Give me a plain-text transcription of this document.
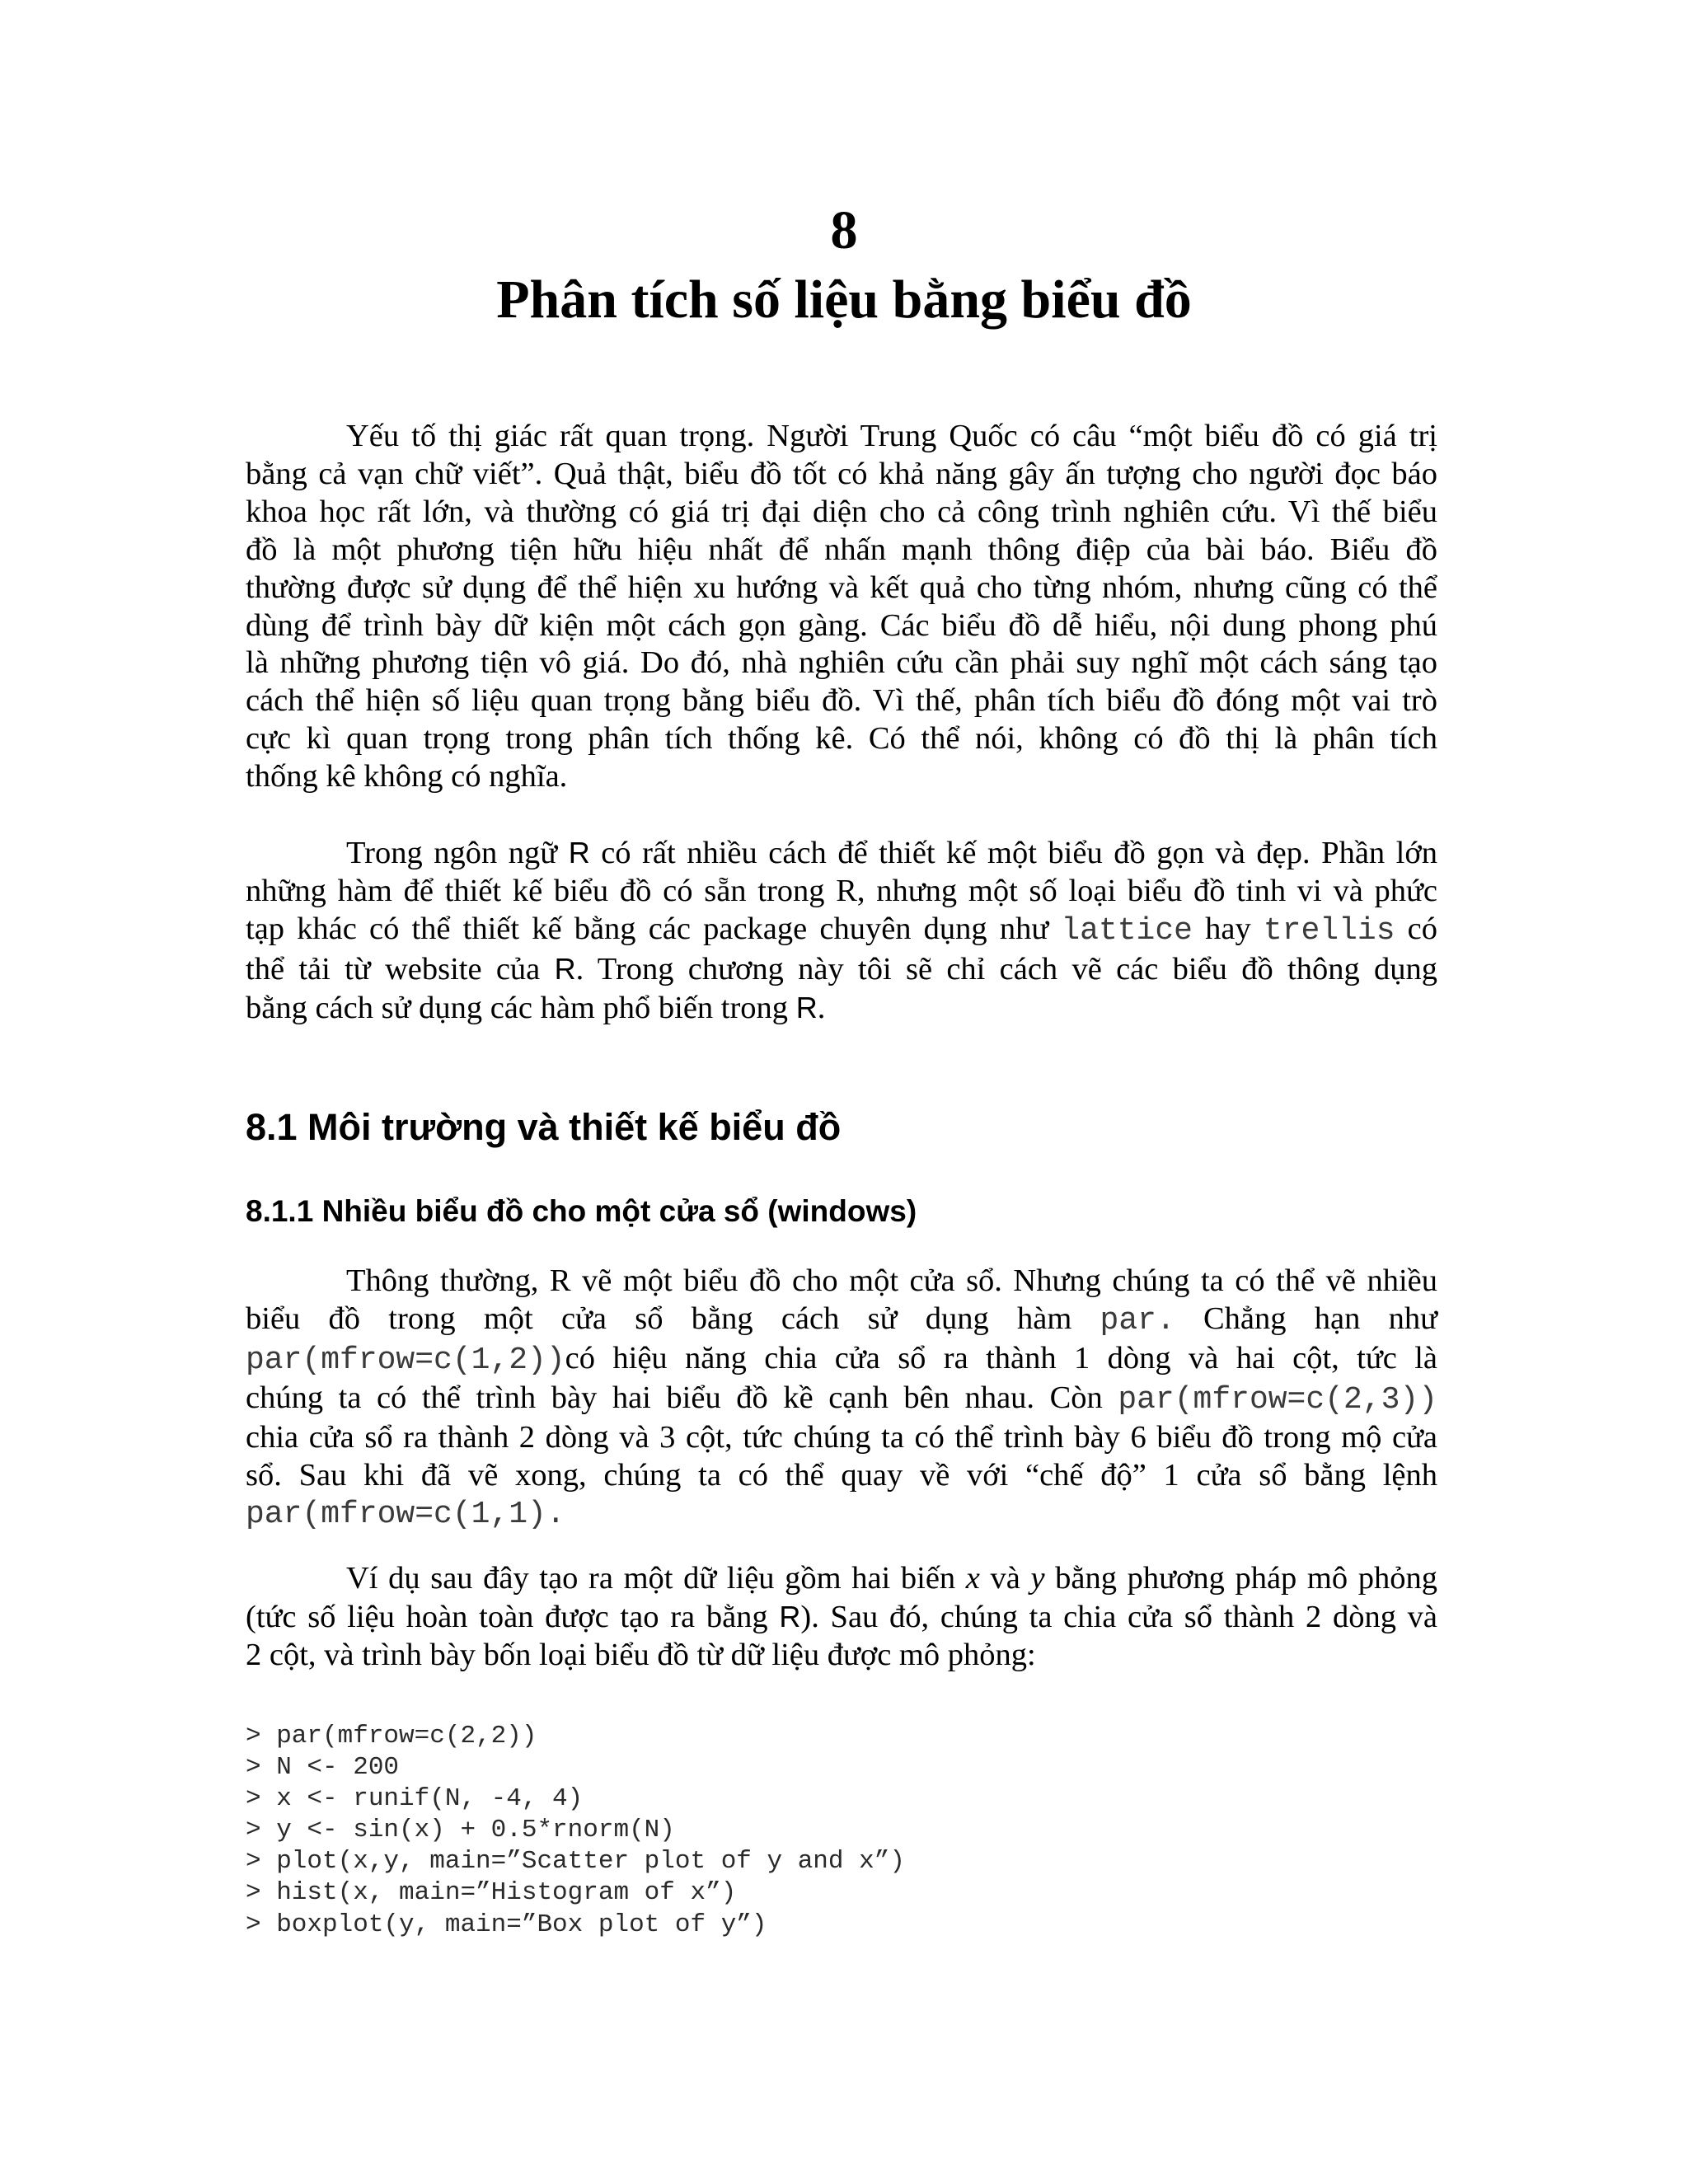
8
Phân tích số liệu bằng biểu đồ
Yếu tố thị giác rất quan trọng. Người Trung Quốc có câu “một biểu đồ có giá trị
bằng cả vạn chữ viết”. Quả thật, biểu đồ tốt có khả năng gây ấn tượng cho người đọc báo
khoa học rất lớn, và thường có giá trị đại diện cho cả công trình nghiên cứu. Vì thế biểu
đồ là một phương tiện hữu hiệu nhất để nhấn mạnh thông điệp của bài báo. Biểu đồ
thường được sử dụng để thể hiện xu hướng và kết quả cho từng nhóm, nhưng cũng có thể
dùng để trình bày dữ kiện một cách gọn gàng. Các biểu đồ dễ hiểu, nội dung phong phú
là những phương tiện vô giá. Do đó, nhà nghiên cứu cần phải suy nghĩ một cách sáng tạo
cách thể hiện số liệu quan trọng bằng biểu đồ. Vì thế, phân tích biểu đồ đóng một vai trò
cực kì quan trọng trong phân tích thống kê. Có thể nói, không có đồ thị là phân tích
thống kê không có nghĩa.
Trong ngôn ngữ R có rất nhiều cách để thiết kế một biểu đồ gọn và đẹp. Phần lớn
những hàm để thiết kế biểu đồ có sẵn trong R, nhưng một số loại biểu đồ tinh vi và phức
tạp khác có thể thiết kế bằng các package chuyên dụng như lattice hay trellis có
thể tải từ website của R. Trong chương này tôi sẽ chỉ cách vẽ các biểu đồ thông dụng
bằng cách sử dụng các hàm phổ biến trong R.
8.1 Môi trường và thiết kế biểu đồ
8.1.1 Nhiều biểu đồ cho một cửa sổ (windows)
Thông thường, R vẽ một biểu đồ cho một cửa sổ. Nhưng chúng ta có thể vẽ nhiều
biểu đồ trong một cửa sổ bằng cách sử dụng hàm par. Chẳng hạn như
par(mfrow=c(1,2))có hiệu năng chia cửa sổ ra thành 1 dòng và hai cột, tức là
chúng ta có thể trình bày hai biểu đồ kề cạnh bên nhau. Còn par(mfrow=c(2,3))
chia cửa sổ ra thành 2 dòng và 3 cột, tức chúng ta có thể trình bày 6 biểu đồ trong mộ cửa
sổ. Sau khi đã vẽ xong, chúng ta có thể quay về với “chế độ” 1 cửa sổ bằng lệnh
par(mfrow=c(1,1).
Ví dụ sau đây tạo ra một dữ liệu gồm hai biến x và y bằng phương pháp mô phỏng
(tức số liệu hoàn toàn được tạo ra bằng R). Sau đó, chúng ta chia cửa sổ thành 2 dòng và
2 cột, và trình bày bốn loại biểu đồ từ dữ liệu được mô phỏng:
> par(mfrow=c(2,2))
> N <- 200
> x <- runif(N, -4, 4)
> y <- sin(x) + 0.5*rnorm(N)
> plot(x,y, main=”Scatter plot of y and x”)
> hist(x, main=”Histogram of x”)
> boxplot(y, main=”Box plot of y”)
